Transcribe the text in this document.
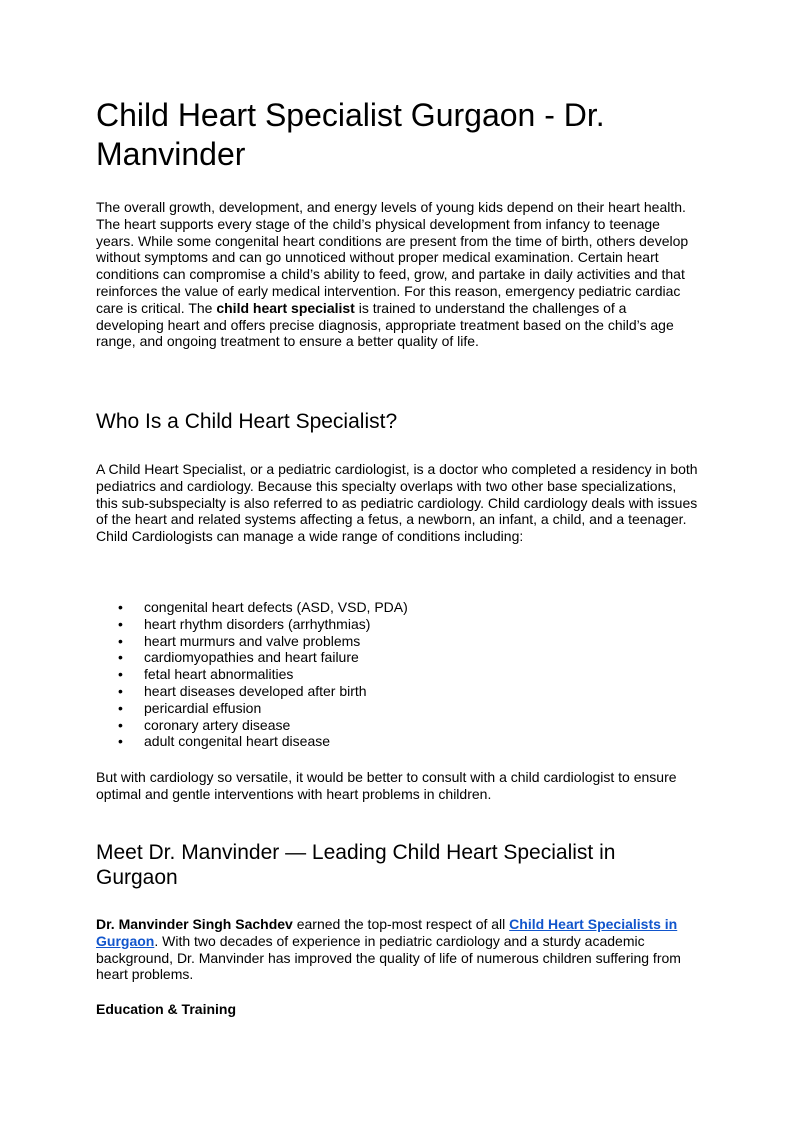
Child Heart Specialist Gurgaon - Dr. Manvinder

The overall growth, development, and energy levels of young kids depend on their heart health. The heart supports every stage of the child’s physical development from infancy to teenage years. While some congenital heart conditions are present from the time of birth, others develop without symptoms and can go unnoticed without proper medical examination. Certain heart conditions can compromise a child’s ability to feed, grow, and partake in daily activities and that reinforces the value of early medical intervention. For this reason, emergency pediatric cardiac care is critical. The child heart specialist is trained to understand the challenges of a developing heart and offers precise diagnosis, appropriate treatment based on the child’s age range, and ongoing treatment to ensure a better quality of life.

Who Is a Child Heart Specialist?

A Child Heart Specialist, or a pediatric cardiologist, is a doctor who completed a residency in both pediatrics and cardiology. Because this specialty overlaps with two other base specializations, this sub-subspecialty is also referred to as pediatric cardiology. Child cardiology deals with issues of the heart and related systems affecting a fetus, a newborn, an infant, a child, and a teenager. Child Cardiologists can manage a wide range of conditions including:

• congenital heart defects (ASD, VSD, PDA)
• heart rhythm disorders (arrhythmias)
• heart murmurs and valve problems
• cardiomyopathies and heart failure
• fetal heart abnormalities
• heart diseases developed after birth
• pericardial effusion
• coronary artery disease
• adult congenital heart disease

But with cardiology so versatile, it would be better to consult with a child cardiologist to ensure optimal and gentle interventions with heart problems in children.

Meet Dr. Manvinder — Leading Child Heart Specialist in Gurgaon

Dr. Manvinder Singh Sachdev earned the top-most respect of all Child Heart Specialists in Gurgaon. With two decades of experience in pediatric cardiology and a sturdy academic background, Dr. Manvinder has improved the quality of life of numerous children suffering from heart problems.

Education & Training
